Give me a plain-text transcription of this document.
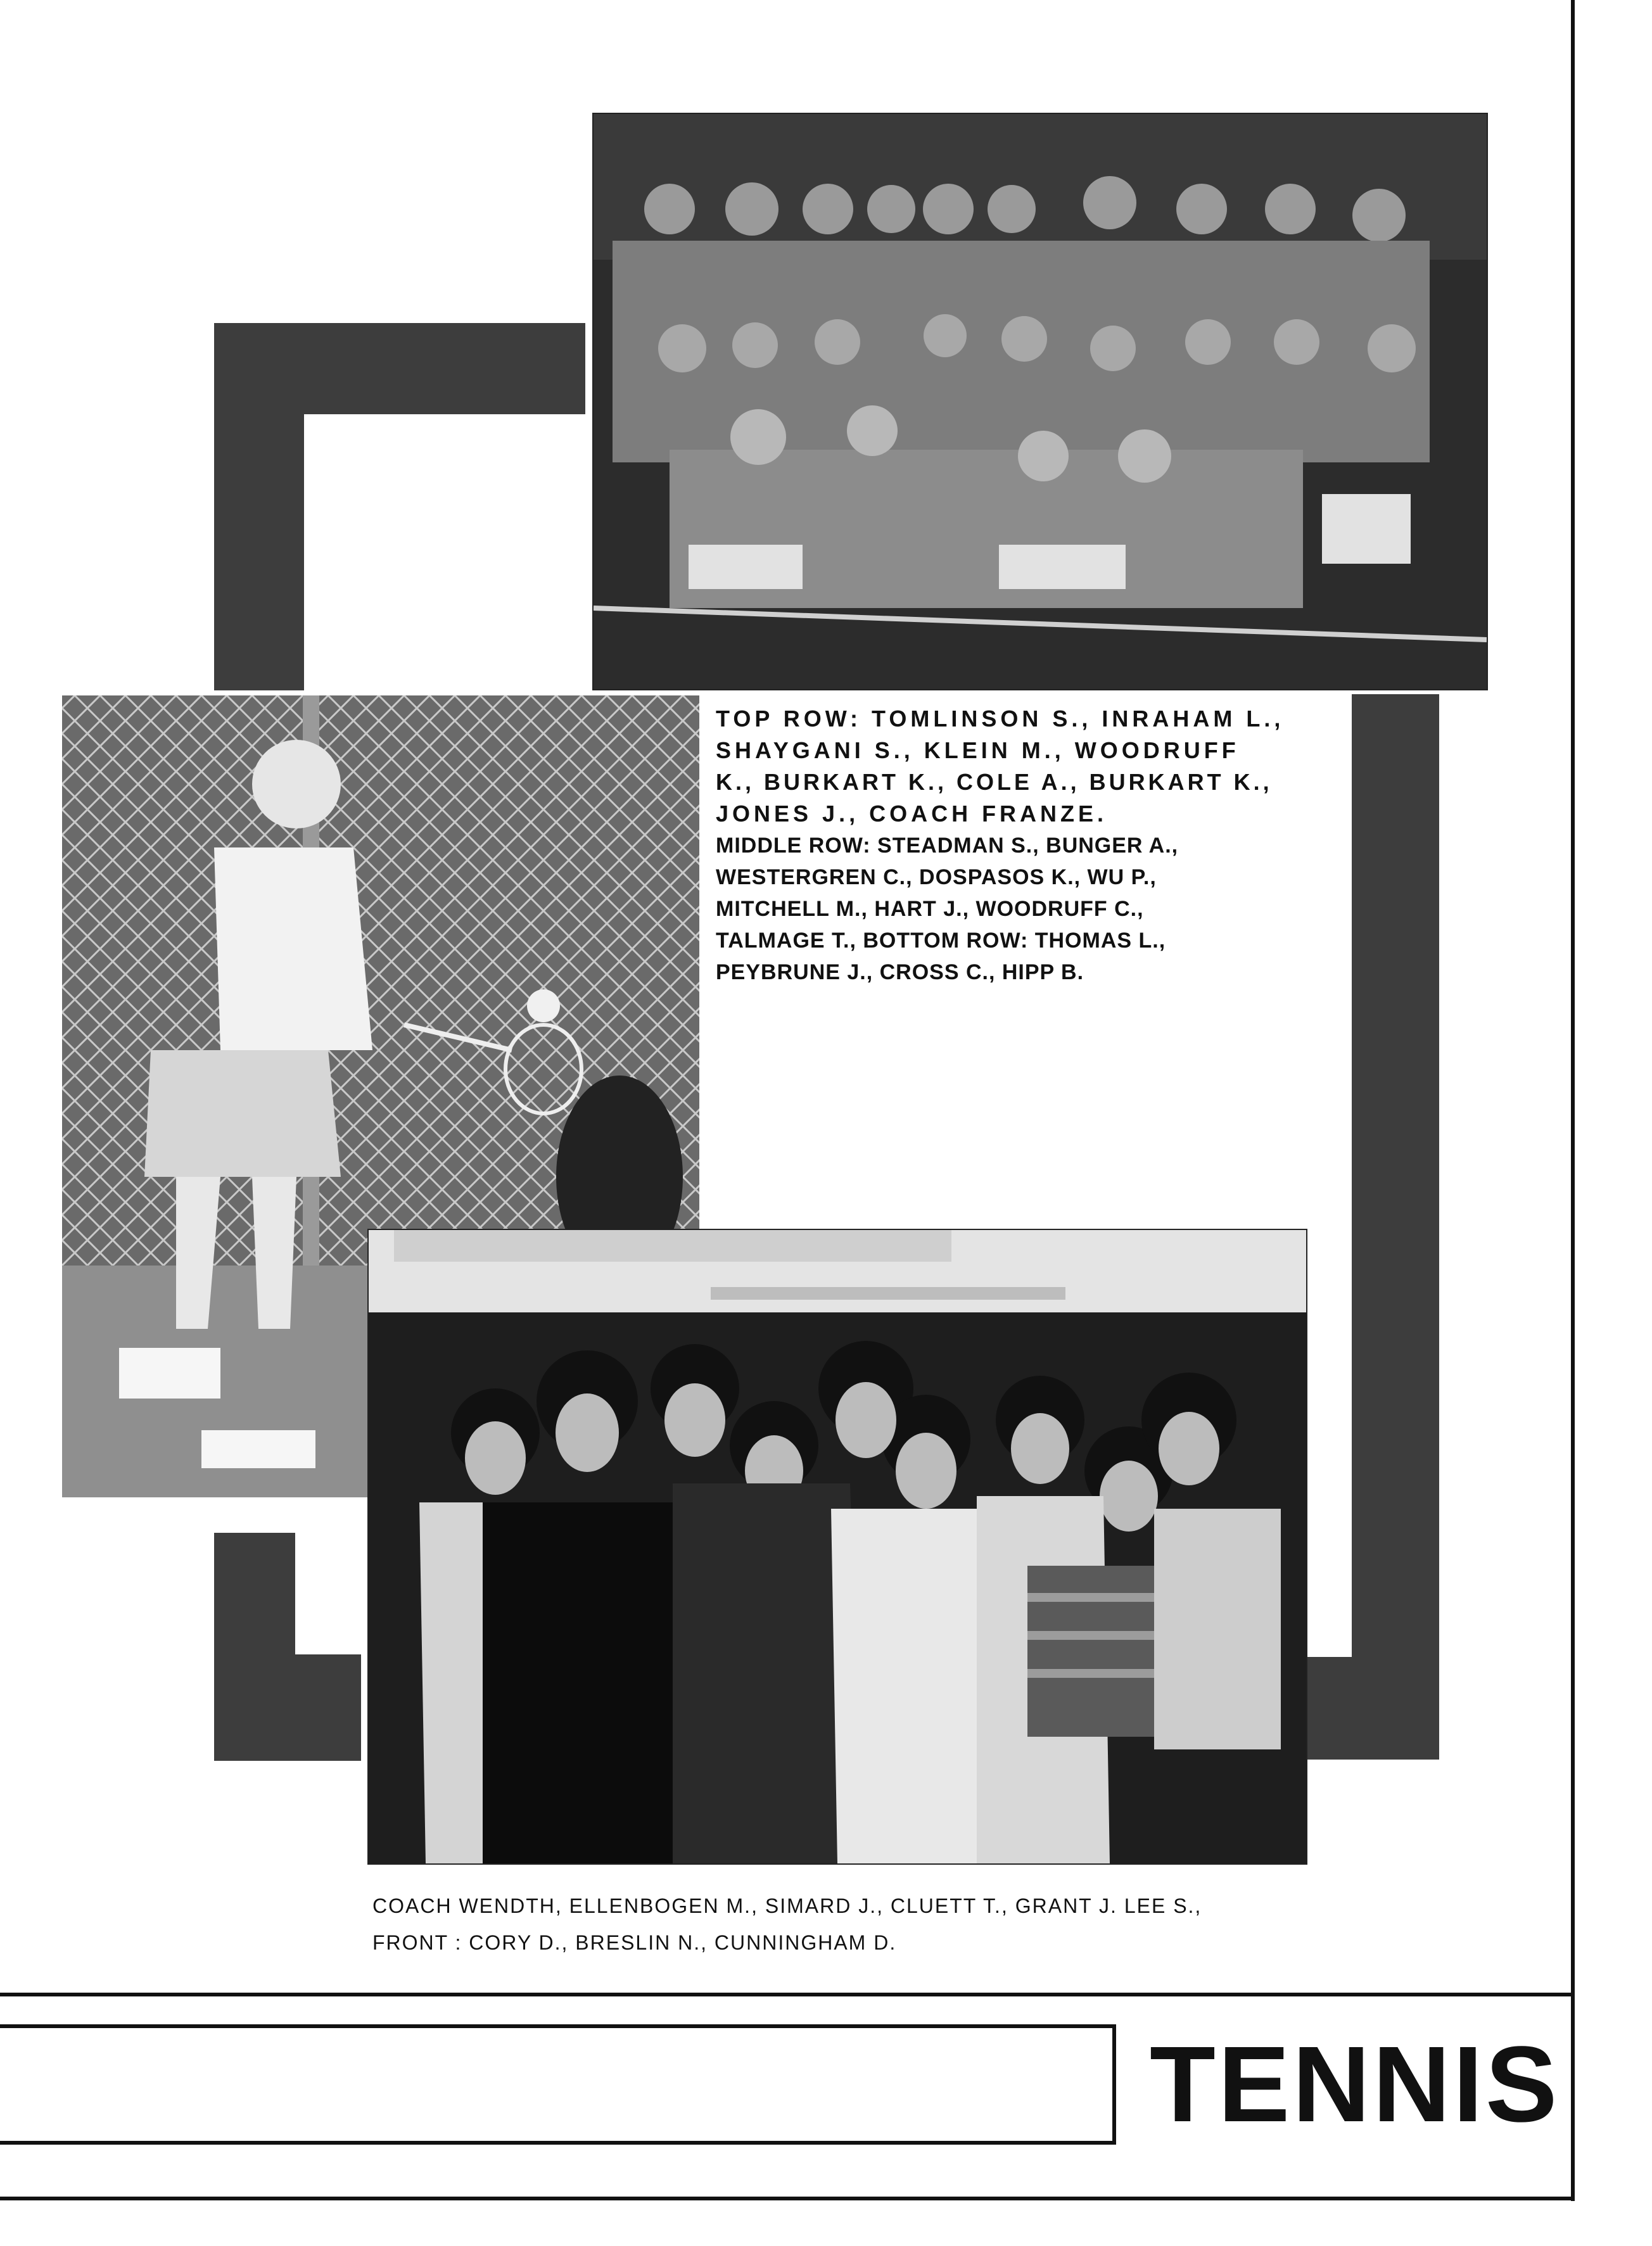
TOP ROW: TOMLINSON S., INRAHAM L.,
SHAYGANI S., KLEIN M., WOODRUFF
K., BURKART K., COLE A., BURKART K.,
JONES J., COACH FRANZE.
MIDDLE ROW: STEADMAN S., BUNGER A.,
WESTERGREN C., DOSPASOS K., WU P.,
MITCHELL M., HART J., WOODRUFF C.,
TALMAGE T., BOTTOM ROW: THOMAS L.,
PEYBRUNE J., CROSS C., HIPP B.
COACH WENDTH, ELLENBOGEN M., SIMARD J., CLUETT T., GRANT J. LEE S.,
FRONT : CORY D., BRESLIN N., CUNNINGHAM D.
TENNIS
